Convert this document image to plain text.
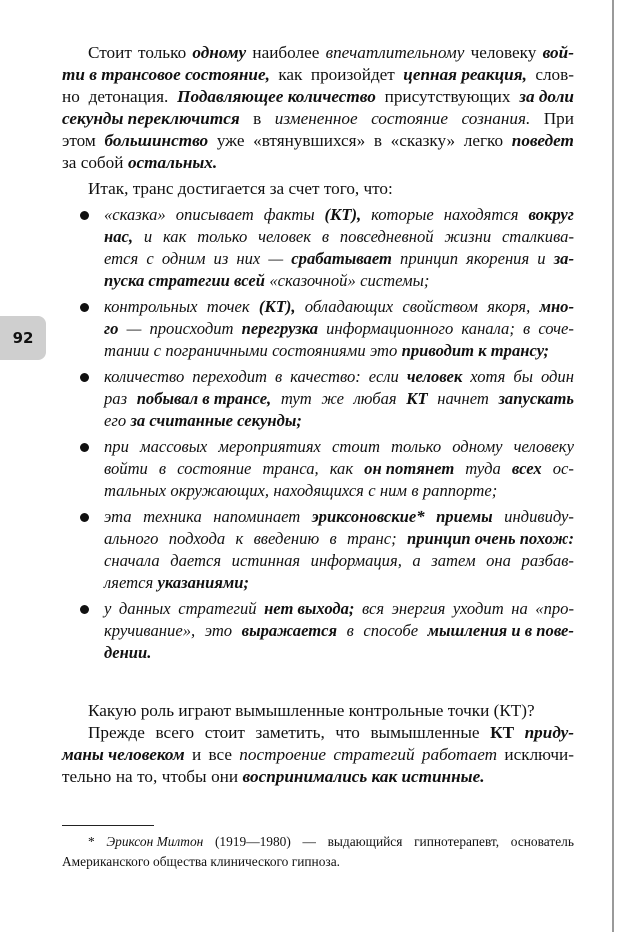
92
Стоит только одному наиболее впечатлительному человеку вой-
ти в трансовое состояние, как произойдет цепная реакция, слов-
но детонация. Подавляющее количество присутствующих за доли
секунды переключится в измененное состояние сознания. При
этом большинство уже «втянувшихся» в «сказку» легко поведет
за собой остальных.
Итак, транс достигается за счет того, что:
«сказка» описывает факты (КТ), которые находятся вокруг
нас, и как только человек в повседневной жизни сталкива-
ется с одним из них — срабатывает принцип якорения и за-
пуска стратегии всей «сказочной» системы;
контрольных точек (КТ), обладающих свойством якоря, мно-
го — происходит перегрузка информационного канала; в сочe-
тании с пограничными состояниями это приводит к трансу;
количество переходит в качество: если человек хотя бы один
раз побывал в трансе, тут же любая КТ начнет запускать
его за считанные секунды;
при массовых мероприятиях стоит только одному человеку
войти в состояние транса, как он потянет туда всех ос-
тальных окружающих, находящихся с ним в раппорте;
эта техника напоминает эриксоновские* приемы индивиду-
ального подхода к введению в транс; принцип очень похож:
сначала дается истинная информация, а затем она разбав-
ляется указаниями;
у данных стратегий нет выхода; вся энергия уходит на «про-
кручивание», это выражается в способе мышления и в пове-
дении.
Какую роль играют вымышленные контрольные точки (КТ)?
Прежде всего стоит заметить, что вымышленные КТ приду-
маны человеком и все построение стратегий работает исключи-
тельно на то, чтобы они воспринимались как истинные.
* Эриксон Милтон (1919—1980) — выдающийся гипнотерапевт, основатель
Американского общества клинического гипноза.
